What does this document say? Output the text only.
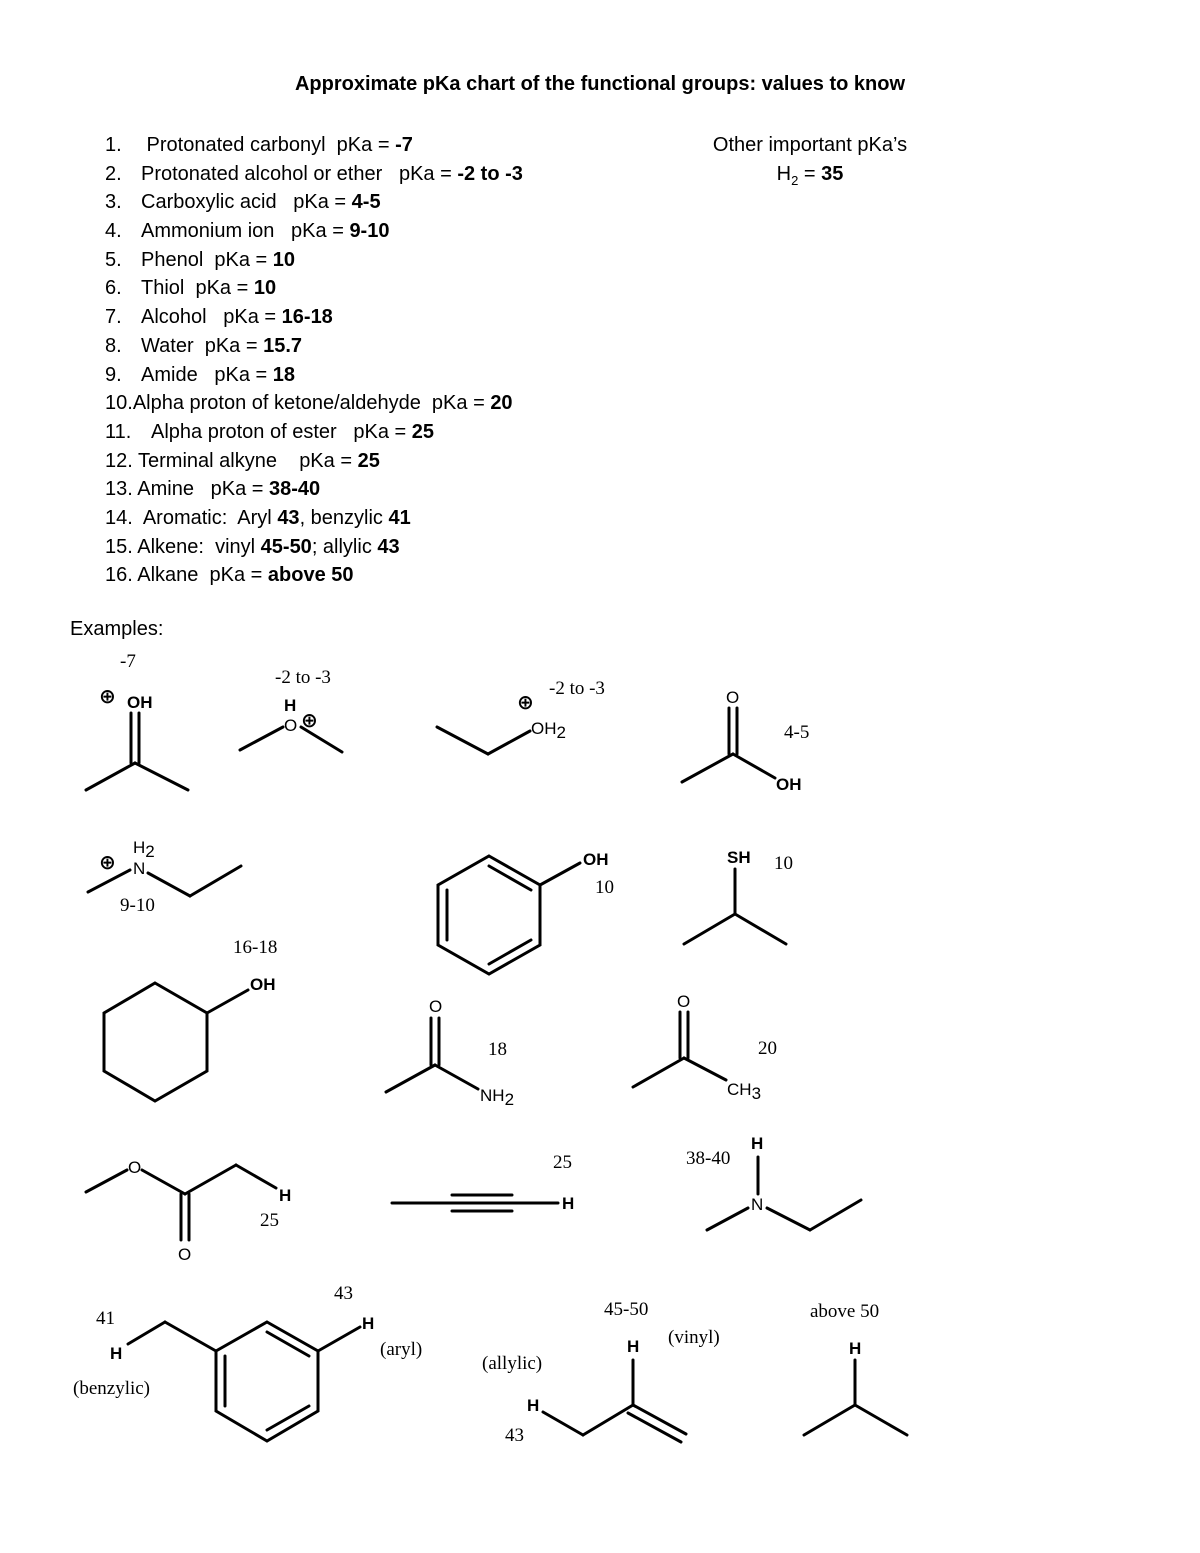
Approximate pKa chart of the functional groups: values to know
1. Protonated carbonyl  pKa = -7
2. Protonated alcohol or ether   pKa = -2 to -3
3. Carboxylic acid   pKa = 4-5
4. Ammonium ion   pKa = 9-10
5. Phenol  pKa = 10
6. Thiol  pKa = 10
7. Alcohol   pKa = 16-18
8. Water  pKa = 15.7
9. Amide   pKa = 18
10.Alpha proton of ketone/aldehyde  pKa = 20
11.  Alpha proton of ester   pKa = 25
12. Terminal alkyne    pKa = 25
13. Amine   pKa = 38-40
14.  Aromatic:  Aryl 43, benzylic 41
15. Alkene:  vinyl 45-50; allylic 43
16. Alkane  pKa = above 50
Other important pKa’s
$H_2 = 35$
Examples:
-7
⊕ OH
-2 to -3
H
O ⊕
-2 to -3
⊕
OH2
O
4-5
OH
⊕
H2
N
9-10
OH
10
SH 10
16-18
OH
O
18
NH2
O
20
CH3
O
H
25
O
25
H
38-40
H
N
43
H
(aryl)
41
H
(benzylic)
45-50
H (vinyl)
(allylic)
H
43
above 50
H
